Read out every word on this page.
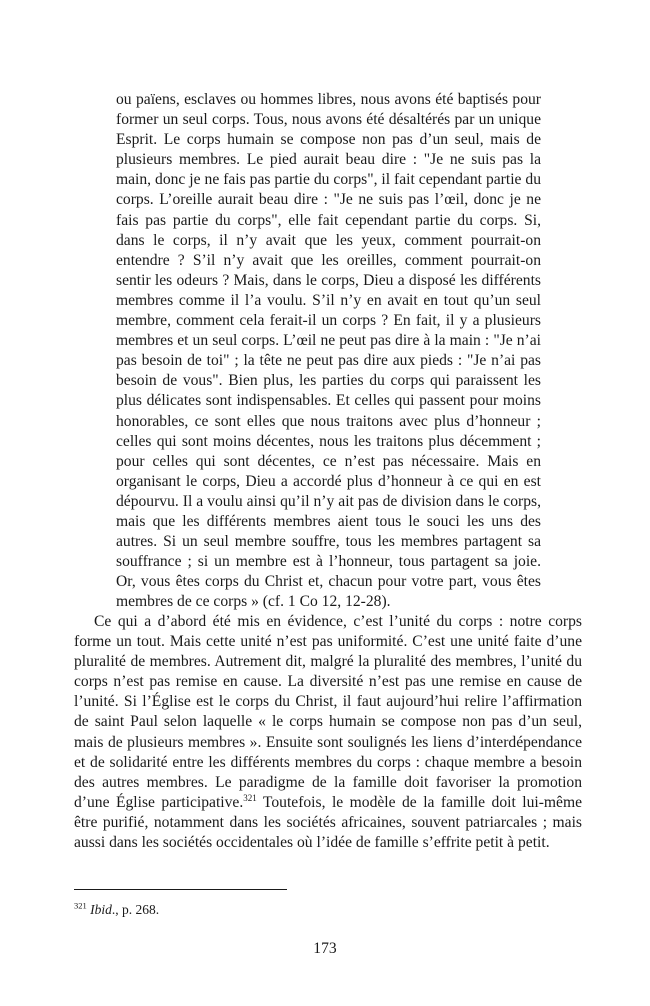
ou païens, esclaves ou hommes libres, nous avons été baptisés pour former un seul corps. Tous, nous avons été désaltérés par un unique Esprit. Le corps humain se compose non pas d’un seul, mais de plusieurs membres. Le pied aurait beau dire : "Je ne suis pas la main, donc je ne fais pas partie du corps", il fait cependant partie du corps. L’oreille aurait beau dire : "Je ne suis pas l’œil, donc je ne fais pas partie du corps", elle fait cependant partie du corps. Si, dans le corps, il n’y avait que les yeux, comment pourrait-on entendre ? S’il n’y avait que les oreilles, comment pourrait-on sentir les odeurs ? Mais, dans le corps, Dieu a disposé les différents membres comme il l’a voulu. S’il n’y en avait en tout qu’un seul membre, comment cela ferait-il un corps ? En fait, il y a plusieurs membres et un seul corps. L’œil ne peut pas dire à la main : "Je n’ai pas besoin de toi" ; la tête ne peut pas dire aux pieds : "Je n’ai pas besoin de vous". Bien plus, les parties du corps qui paraissent les plus délicates sont indispensables. Et celles qui passent pour moins honorables, ce sont elles que nous traitons avec plus d’honneur ; celles qui sont moins décentes, nous les traitons plus décemment ; pour celles qui sont décentes, ce n’est pas nécessaire. Mais en organisant le corps, Dieu a accordé plus d’honneur à ce qui en est dépourvu. Il a voulu ainsi qu’il n’y ait pas de division dans le corps, mais que les différents membres aient tous le souci les uns des autres. Si un seul membre souffre, tous les membres partagent sa souffrance ; si un membre est à l’honneur, tous partagent sa joie. Or, vous êtes corps du Christ et, chacun pour votre part, vous êtes membres de ce corps » (cf. 1 Co 12, 12-28).

Ce qui a d’abord été mis en évidence, c’est l’unité du corps : notre corps forme un tout. Mais cette unité n’est pas uniformité. C’est une unité faite d’une pluralité de membres. Autrement dit, malgré la pluralité des membres, l’unité du corps n’est pas remise en cause. La diversité n’est pas une remise en cause de l’unité. Si l’Église est le corps du Christ, il faut aujourd’hui relire l’affirmation de saint Paul selon laquelle « le corps humain se compose non pas d’un seul, mais de plusieurs membres ». Ensuite sont soulignés les liens d’interdépendance et de solidarité entre les différents membres du corps : chaque membre a besoin des autres membres. Le paradigme de la famille doit favoriser la promotion d’une Église participative.$^{321}$ Toutefois, le modèle de la famille doit lui-même être purifié, notamment dans les sociétés africaines, souvent patriarcales ; mais aussi dans les sociétés occidentales où l’idée de famille s’effrite petit à petit.

$^{321}$ Ibid., p. 268.

173
